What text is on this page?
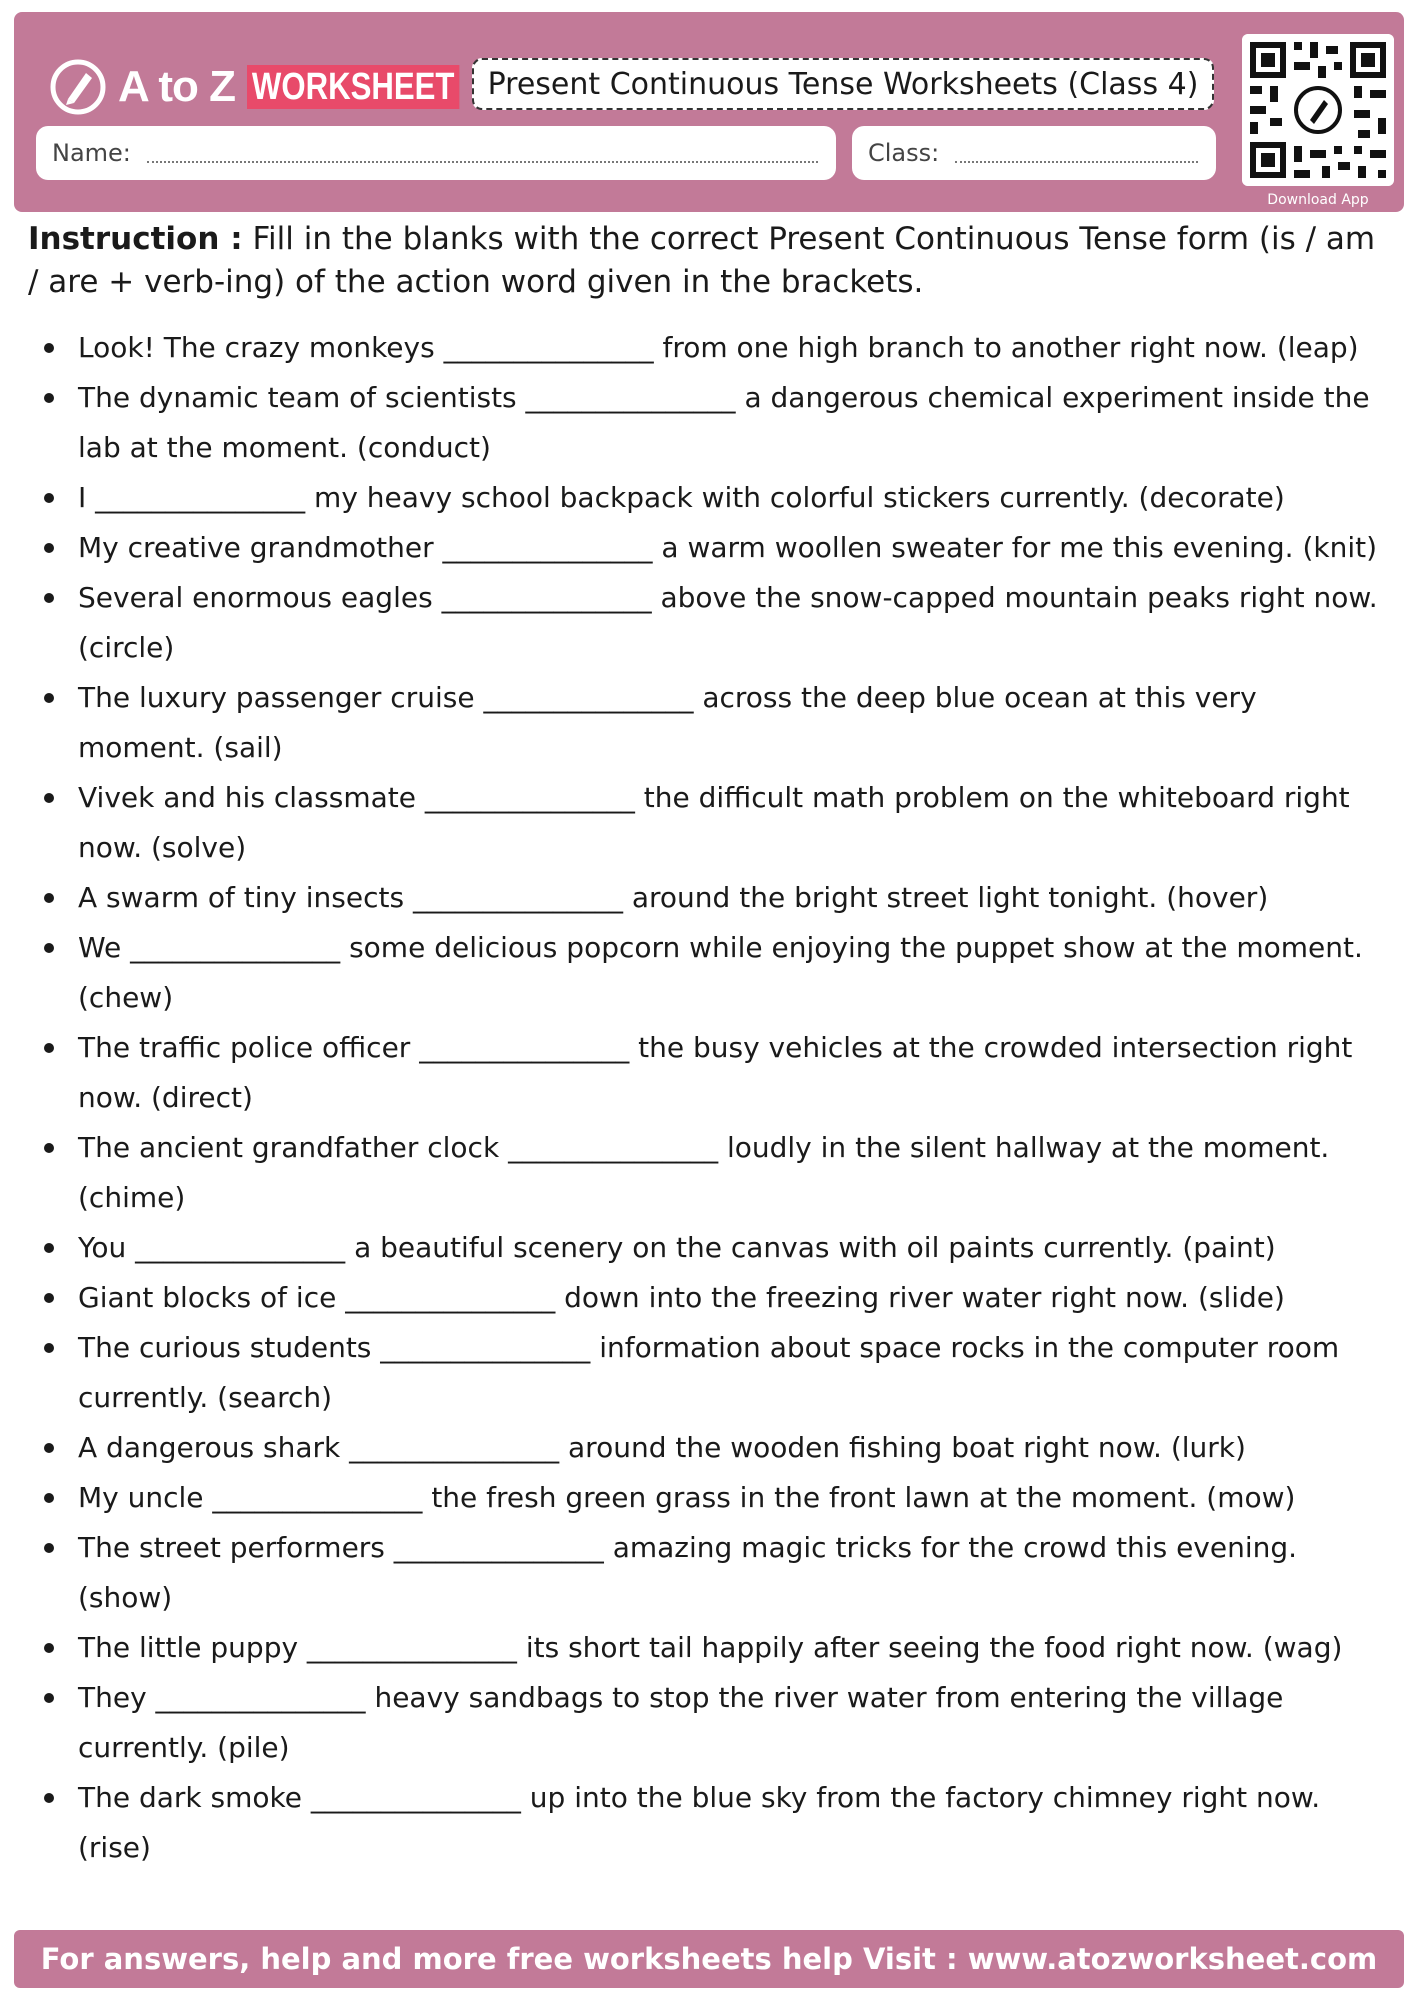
A to Z WORKSHEET	Present Continuous Tense Worksheets (Class 4)
Name:	Class:
Download App
Instruction : Fill in the blanks with the correct Present Continuous Tense form (is / am / are + verb-ing) of the action word given in the brackets.
Look! The crazy monkeys _______________ from one high branch to another right now. (leap)
The dynamic team of scientists _______________ a dangerous chemical experiment inside the lab at the moment. (conduct)
I _______________ my heavy school backpack with colorful stickers currently. (decorate)
My creative grandmother _______________ a warm woollen sweater for me this evening. (knit)
Several enormous eagles _______________ above the snow-capped mountain peaks right now. (circle)
The luxury passenger cruise _______________ across the deep blue ocean at this very moment. (sail)
Vivek and his classmate _______________ the difficult math problem on the whiteboard right now. (solve)
A swarm of tiny insects _______________ around the bright street light tonight. (hover)
We _______________ some delicious popcorn while enjoying the puppet show at the moment. (chew)
The traffic police officer _______________ the busy vehicles at the crowded intersection right now. (direct)
The ancient grandfather clock _______________ loudly in the silent hallway at the moment. (chime)
You _______________ a beautiful scenery on the canvas with oil paints currently. (paint)
Giant blocks of ice _______________ down into the freezing river water right now. (slide)
The curious students _______________ information about space rocks in the computer room currently. (search)
A dangerous shark _______________ around the wooden fishing boat right now. (lurk)
My uncle _______________ the fresh green grass in the front lawn at the moment. (mow)
The street performers _______________ amazing magic tricks for the crowd this evening. (show)
The little puppy _______________ its short tail happily after seeing the food right now. (wag)
They _______________ heavy sandbags to stop the river water from entering the village currently. (pile)
The dark smoke _______________ up into the blue sky from the factory chimney right now. (rise)
For answers, help and more free worksheets help Visit : www.atozworksheet.com
